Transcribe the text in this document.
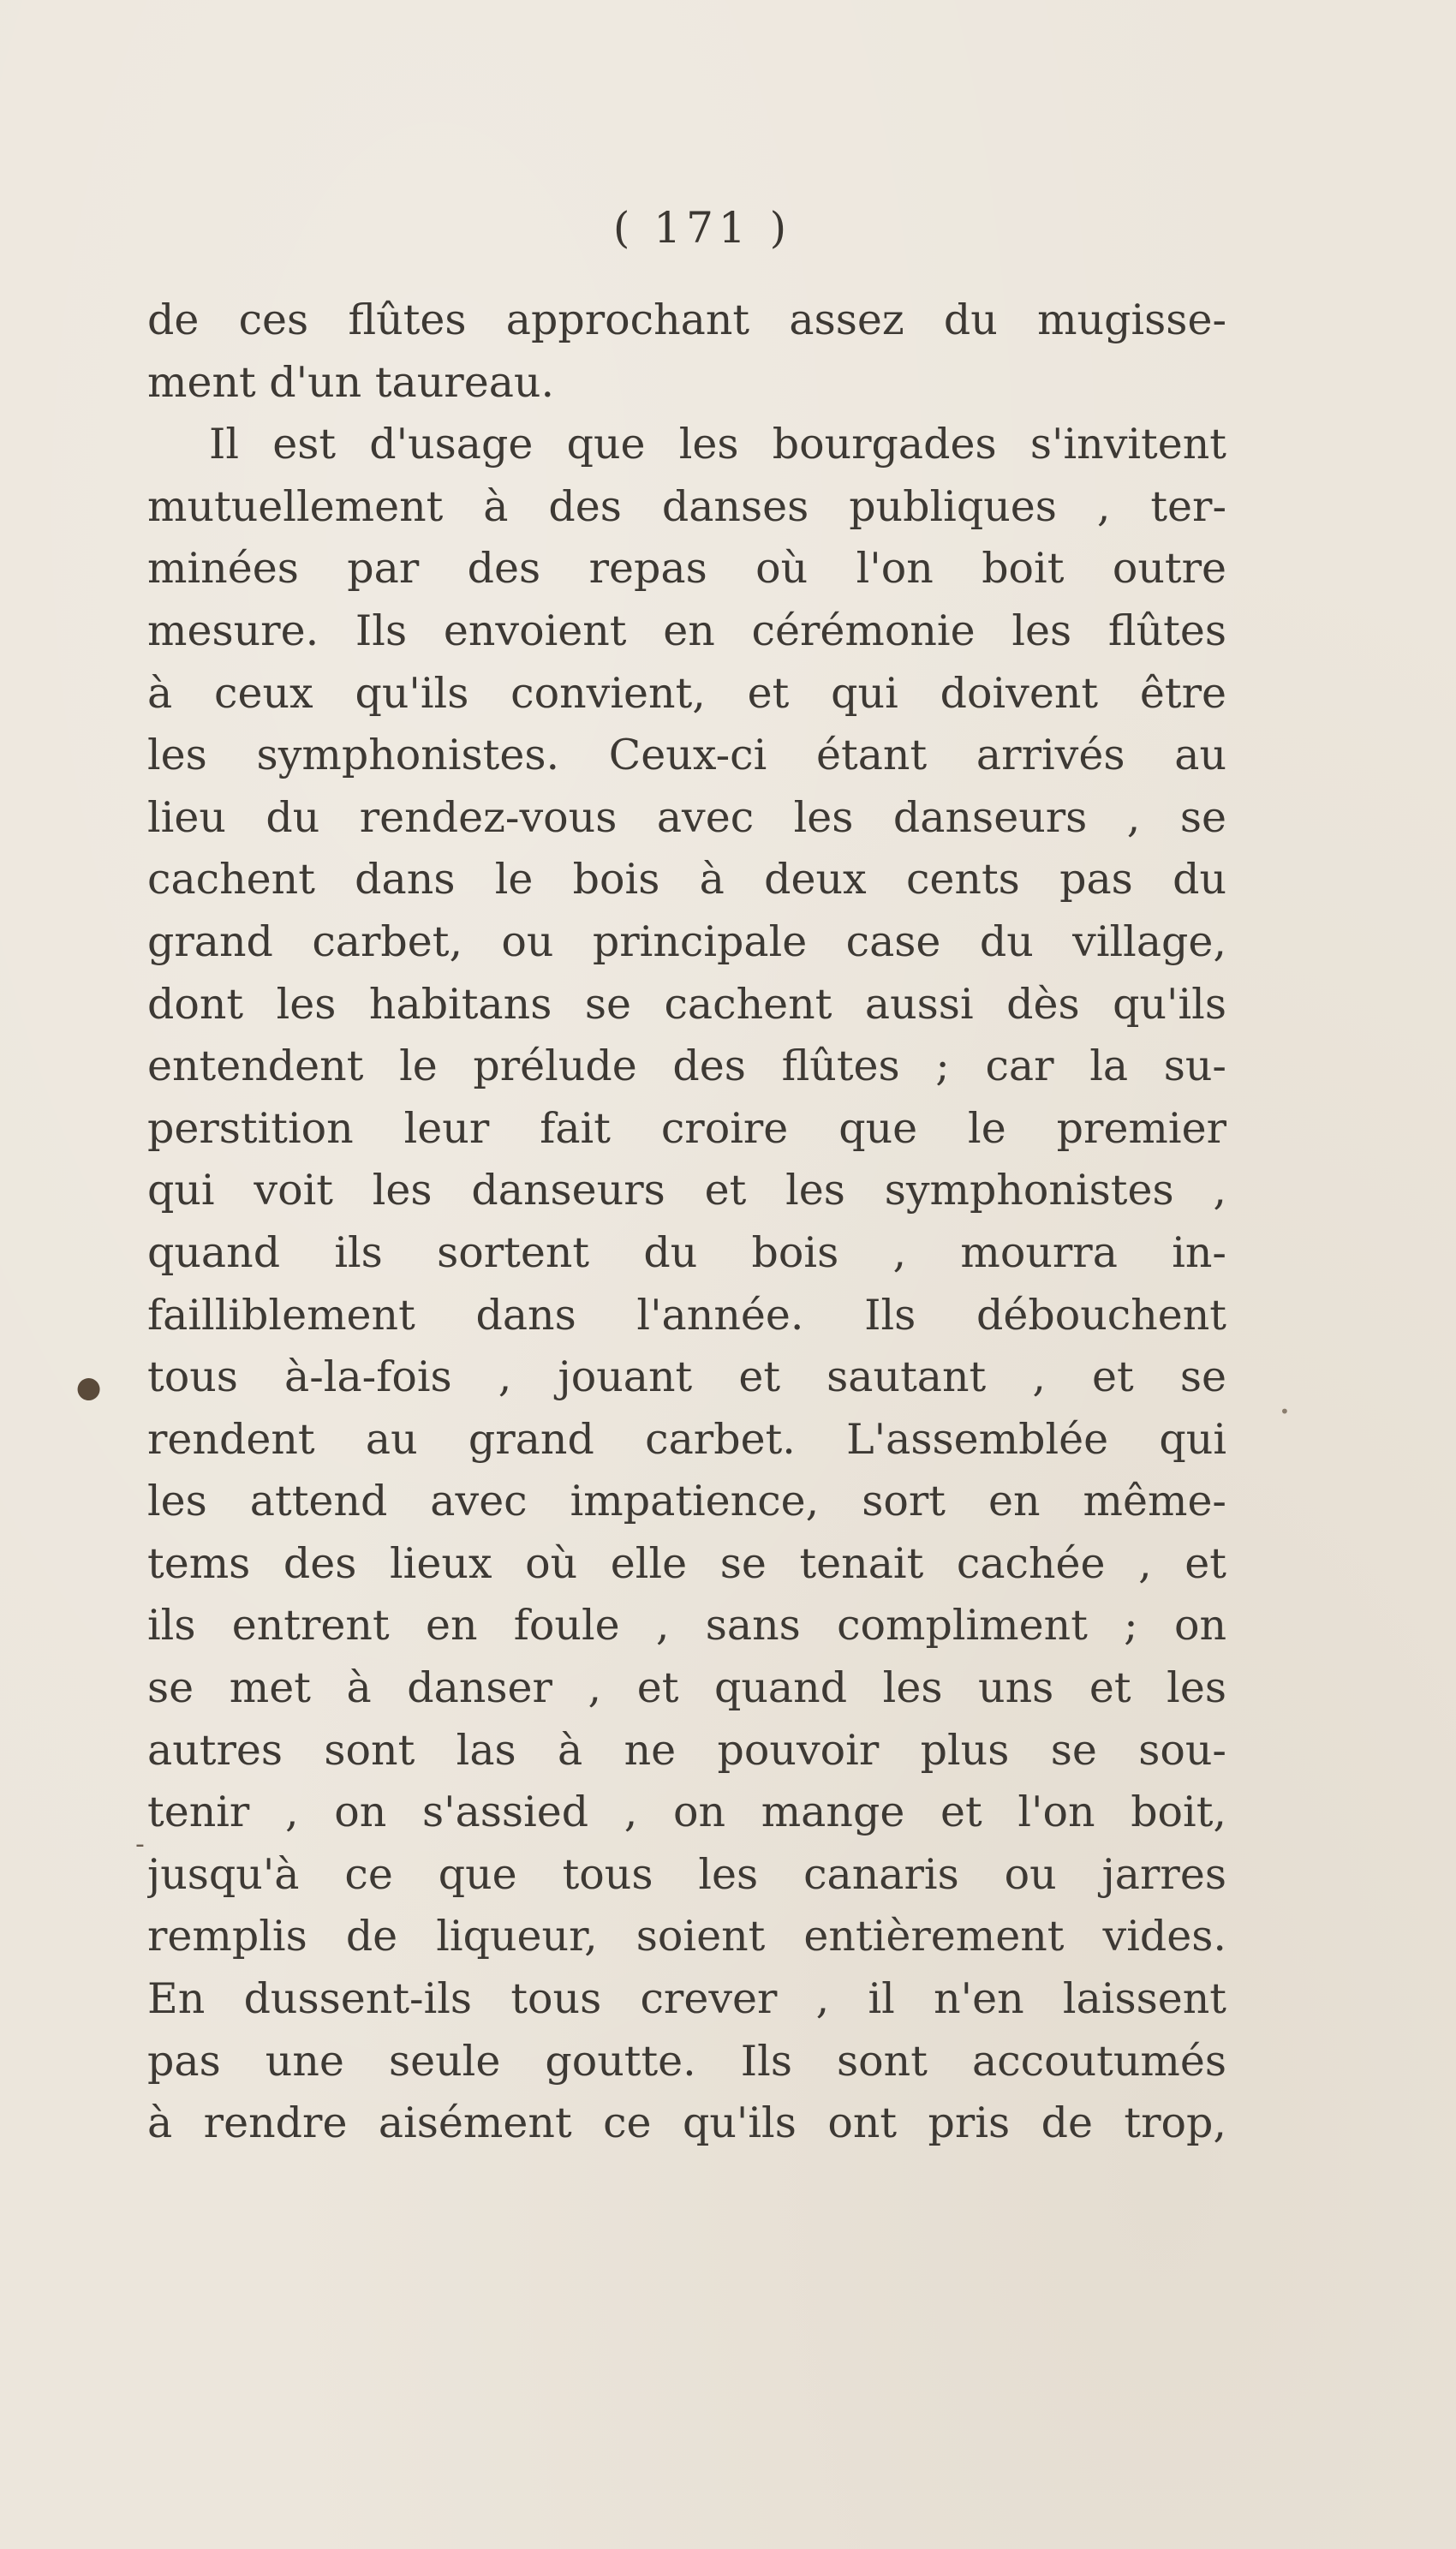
( 171 )

de ces flûtes approchant assez du mugisse-
ment d'un taureau.
Il est d'usage que les bourgades s'invitent
mutuellement à des danses publiques , ter-
minées par des repas où l'on boit outre
mesure. Ils envoient en cérémonie les flûtes
à ceux qu'ils convient, et qui doivent être
les symphonistes. Ceux-ci étant arrivés au
lieu du rendez-vous avec les danseurs , se
cachent dans le bois à deux cents pas du
grand carbet, ou principale case du village,
dont les habitans se cachent aussi dès qu'ils
entendent le prélude des flûtes ; car la su-
perstition leur fait croire que le premier
qui voit les danseurs et les symphonistes ,
quand ils sortent du bois , mourra in-
failliblement dans l'année. Ils débouchent
tous à-la-fois , jouant et sautant , et se
rendent au grand carbet. L'assemblée qui
les attend avec impatience, sort en même-
tems des lieux où elle se tenait cachée , et
ils entrent en foule , sans compliment ; on
se met à danser , et quand les uns et les
autres sont las à ne pouvoir plus se sou-
tenir , on s'assied , on mange et l'on boit,
jusqu'à ce que tous les canaris ou jarres
remplis de liqueur, soient entièrement vides.
En dussent-ils tous crever , il n'en laissent
pas une seule goutte. Ils sont accoutumés
à rendre aisément ce qu'ils ont pris de trop,
●
•
-
